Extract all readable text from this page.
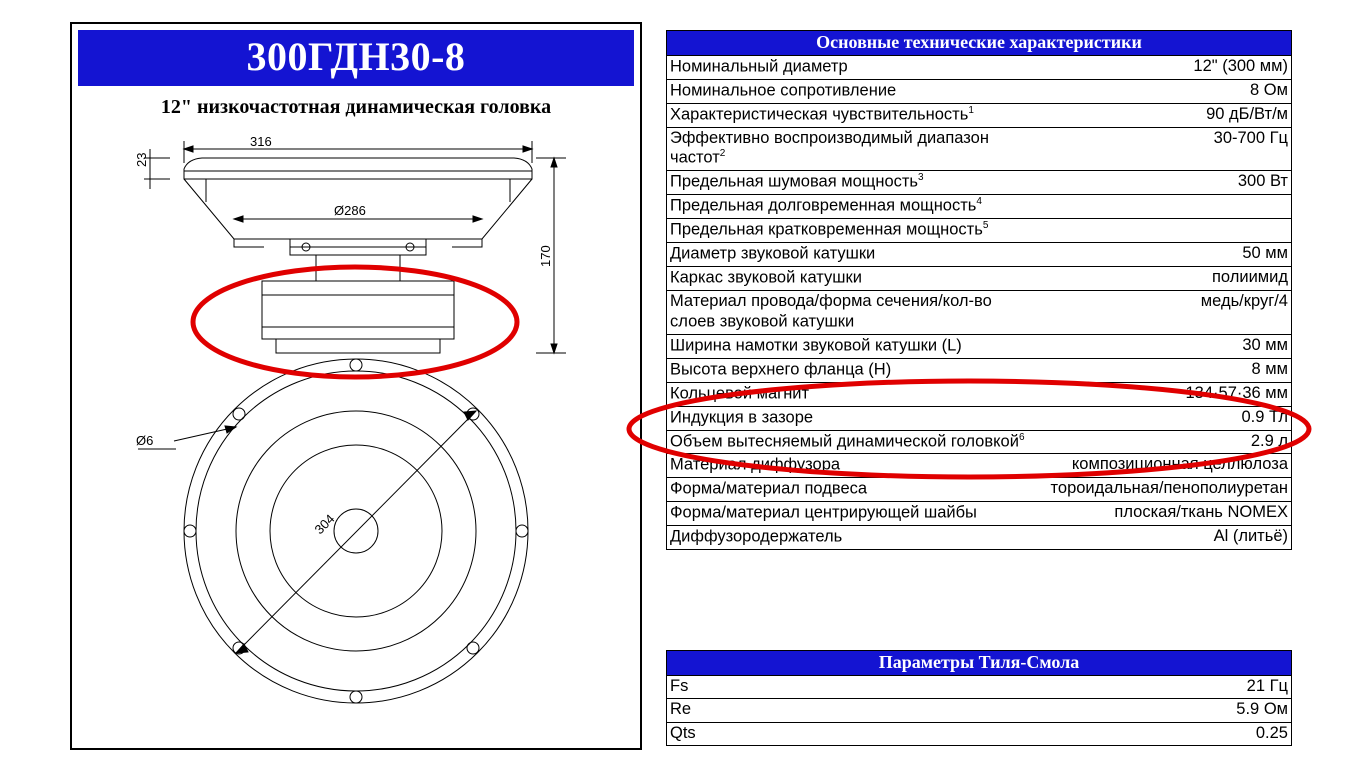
300ГДН30-8
12" низкочастотная динамическая головка
316
Ø286
23
170
Ø6
304
Основные технические характеристики	
Номинальный диаметр	12" (300 мм)
Номинальное сопротивление	8 Ом
Характеристическая чувствительность$^1$	90 дБ/Вт/м
Эффективно воспроизводимый диапазон частот$^2$	30-700 Гц
Предельная шумовая мощность$^3$	300 Вт
Предельная долговременная мощность$^4$	
Предельная кратковременная мощность$^5$	
Диаметр звуковой катушки	50 мм
Каркас звуковой катушки	полиимид
Материал провода/форма сечения/кол-во слоев звуковой катушки	медь/круг/4
Ширина намотки звуковой катушки (L)	30 мм
Высота верхнего фланца (H)	8 мм
Кольцевой магнит	134·57·36 мм
Индукция в зазоре	0.9 Тл
Объем вытесняемый динамической головкой$^6$	2.9 л
Материал диффузора	композиционная целлюлоза
Форма/материал подвеса	тороидальная/пенополиуретан
Форма/материал центрирующей шайбы	плоская/ткань NOMEX
Диффузородержатель	Al (литьё)
Параметры Тиля-Смола	
Fs	21 Гц
Re	5.9 Ом
Qts	0.25
